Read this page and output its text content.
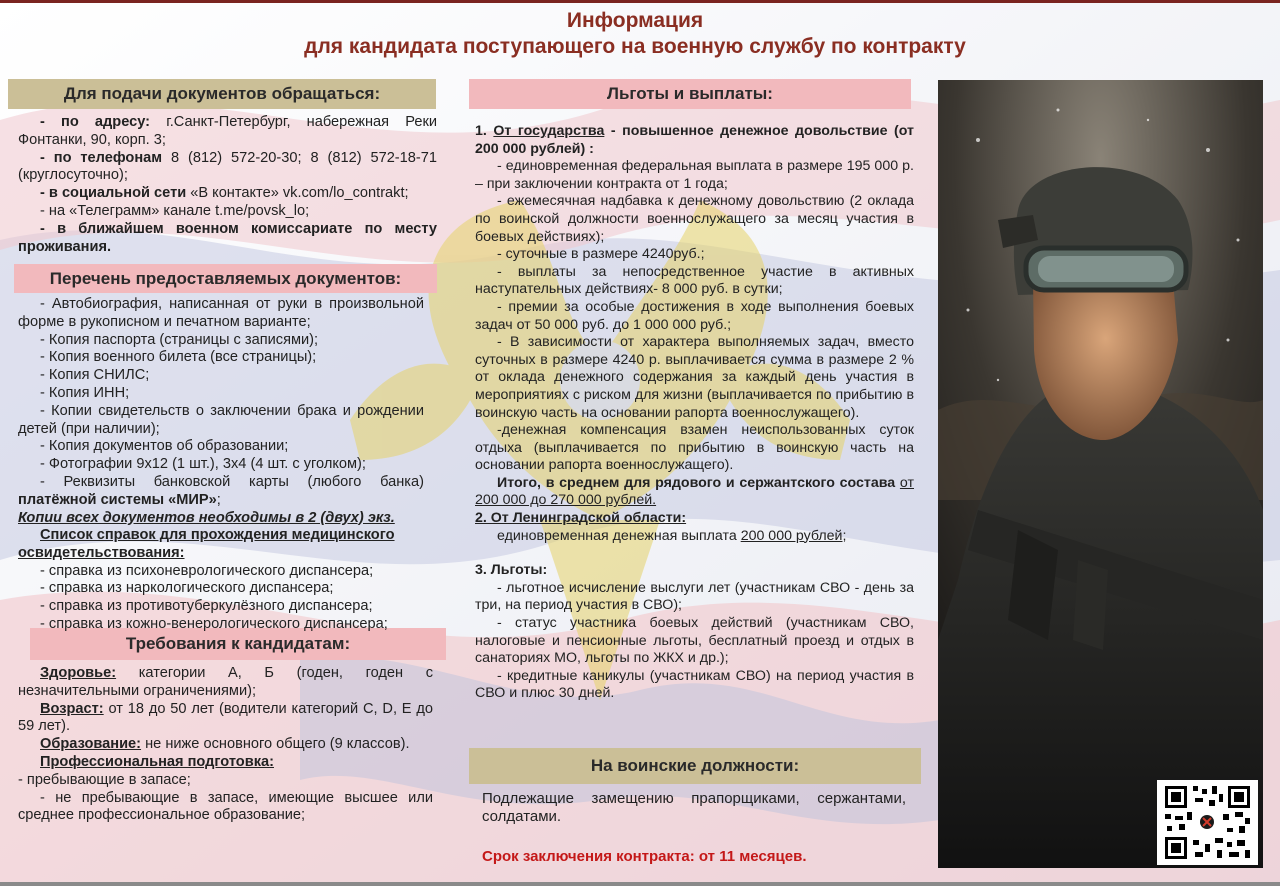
Информация
для кандидата поступающего на военную службу по контракту
Для подачи документов обращаться:
Перечень предоставляемых документов:
Требования к кандидатам:
Льготы и выплаты:
На воинские должности:

- по адресу: г.Санкт-Петербург, набережная Реки Фонтанки, 90, корп. 3;

- по телефонам 8 (812) 572-20-30; 8 (812) 572-18-71 (круглосуточно);

- в социальной сети «В контакте» vk.com/lo_contrakt;

- на «Телеграмм» канале t.me/povsk_lo;

- в ближайшем военном комиссариате по месту проживания.

- Автобиография, написанная от руки в произвольной форме в рукописном и печатном варианте;

- Копия паспорта (страницы с записями);

- Копия военного билета (все страницы);

- Копия СНИЛС;

- Копия ИНН;

- Копии свидетельств о заключении брака и рождении детей (при наличии);

- Копия документов об образовании;

- Фотографии 9х12 (1 шт.), 3х4 (4 шт. с уголком);

- Реквизиты банковской карты (любого банка) платёжной системы «МИР»;

Копии всех документов необходимы в 2 (двух) экз.

Список справок для прохождения медицинского освидетельствования:

- справка из психоневрологического диспансера;

- справка из наркологического диспансера;

- справка из противотуберкулёзного диспансера;

- справка из кожно-венерологического диспансера;

Здоровье: категории А, Б (годен, годен с незначительными ограничениями);

Возраст: от 18 до 50 лет (водители категорий С, D, Е до 59 лет).

Образование: не ниже основного общего (9 классов).

Профессиональная подготовка:

- пребывающие в запасе;

- не пребывающие в запасе, имеющие высшее или среднее профессиональное образование;

1. От государства - повышенное денежное довольствие (от 200 000 рублей) :

- единовременная федеральная выплата в размере 195 000 р. – при заключении контракта от 1 года;

- ежемесячная надбавка к денежному довольствию (2 оклада по воинской должности военнослужащего за месяц участия в боевых действиях);

- суточные в размере 4240руб.;

- выплаты за непосредственное участие в активных наступательных действиях- 8 000 руб. в сутки;

- премии за особые достижения в ходе выполнения боевых задач от 50 000 руб. до 1 000 000 руб.;

- В зависимости от характера выполняемых задач, вместо суточных в размере 4240 р. выплачивается сумма в размере 2 % от оклада денежного содержания за каждый день участия в мероприятиях с риском для жизни (выплачивается по прибытию в воинскую часть на основании рапорта военнослужащего).

-денежная компенсация взамен неиспользованных суток отдыха (выплачивается по прибытию в воинскую часть на основании рапорта военнослужащего).

Итого, в среднем для рядового и сержантского состава от 200 000 до 270 000 рублей.

2. От Ленинградской области:

единовременная денежная выплата 200 000 рублей;

3. Льготы:

- льготное исчисление выслуги лет (участникам СВО - день за три, на период участия в СВО);

- статус участника боевых действий (участникам СВО, налоговые и пенсионные льготы, бесплатный проезд и отдых в санаториях МО, льготы по ЖКХ и др.);

- кредитные каникулы (участникам СВО) на период участия в СВО и плюс 30 дней.

Подлежащие замещению прапорщиками, сержантами, солдатами.

Срок заключения контракта: от 11 месяцев.
